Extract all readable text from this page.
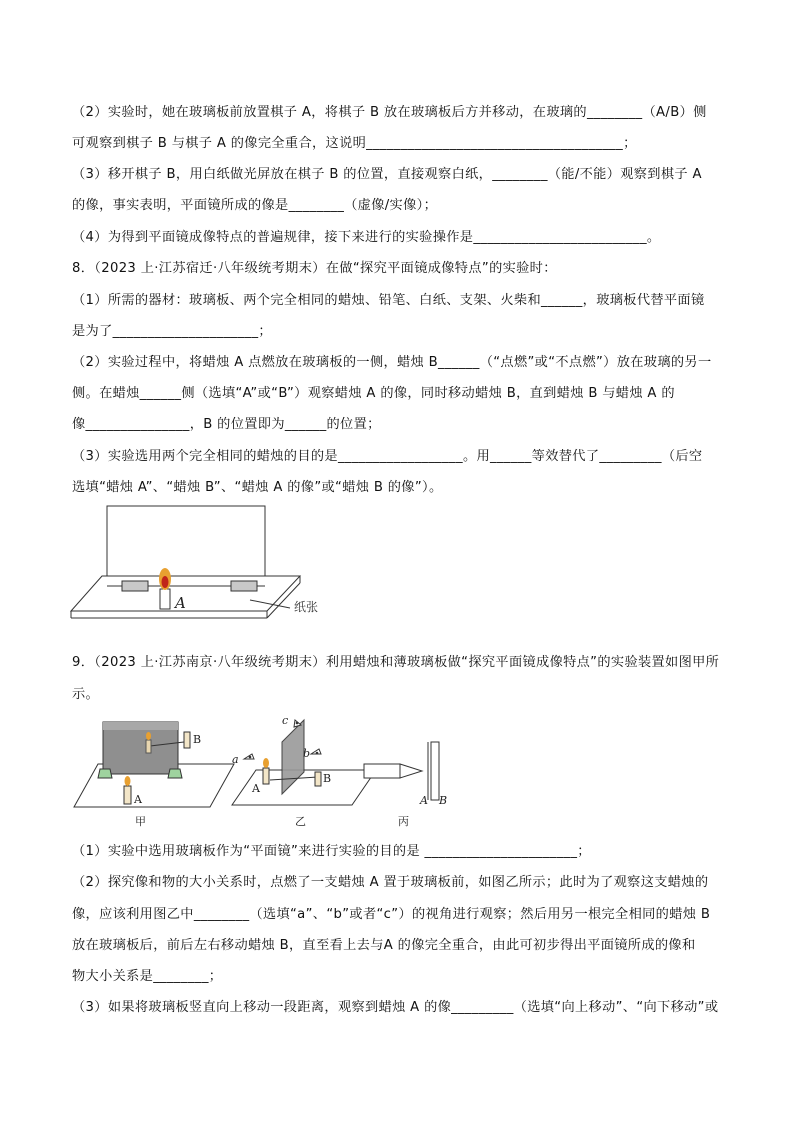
（2）实验时，她在玻璃板前放置棋子 A，将棋子 B 放在玻璃板后方并移动，在玻璃的________（A/B）侧
可观察到棋子 B 与棋子 A 的像完全重合，这说明_____________________________________；
（3）移开棋子 B，用白纸做光屏放在棋子 B 的位置，直接观察白纸，________（能/不能）观察到棋子 A
的像，事实表明，平面镜所成的像是________（虚像/实像）；
（4）为得到平面镜成像特点的普遍规律，接下来进行的实验操作是_________________________。
8．（2023 上·江苏宿迁·八年级统考期末）在做“探究平面镜成像特点”的实验时：
（1）所需的器材：玻璃板、两个完全相同的蜡烛、铅笔、白纸、支架、火柴和______，玻璃板代替平面镜
是为了_____________________；
（2）实验过程中，将蜡烛 A 点燃放在玻璃板的一侧，蜡烛 B______（“点燃”或“不点燃”）放在玻璃的另一
侧。在蜡烛______侧（选填“A”或“B”）观察蜡烛 A 的像，同时移动蜡烛 B，直到蜡烛 B 与蜡烛 A 的
像_______________，B 的位置即为______的位置；
（3）实验选用两个完全相同的蜡烛的目的是__________________。用______等效替代了_________（后空
选填“蜡烛 A”、“蜡烛 B”、“蜡烛 A 的像”或“蜡烛 B 的像”）。
A	纸张
9．（2023 上·江苏南京·八年级统考期末）利用蜡烛和薄玻璃板做“探究平面镜成像特点”的实验装置如图甲所
示。
B
A
甲
a	b
c
A
B
乙
A B
丙
（1）实验中选用玻璃板作为“平面镜”来进行实验的目的是 ______________________；
（2）探究像和物的大小关系时，点燃了一支蜡烛 A 置于玻璃板前，如图乙所示；此时为了观察这支蜡烛的
像，应该利用图乙中________（选填“a”、“b”或者“c”）的视角进行观察；然后用另一根完全相同的蜡烛 B
放在玻璃板后，前后左右移动蜡烛 B，直至看上去与A 的像完全重合，由此可初步得出平面镜所成的像和
物大小关系是________；
（3）如果将玻璃板竖直向上移动一段距离，观察到蜡烛 A 的像_________（选填“向上移动”、“向下移动”或
